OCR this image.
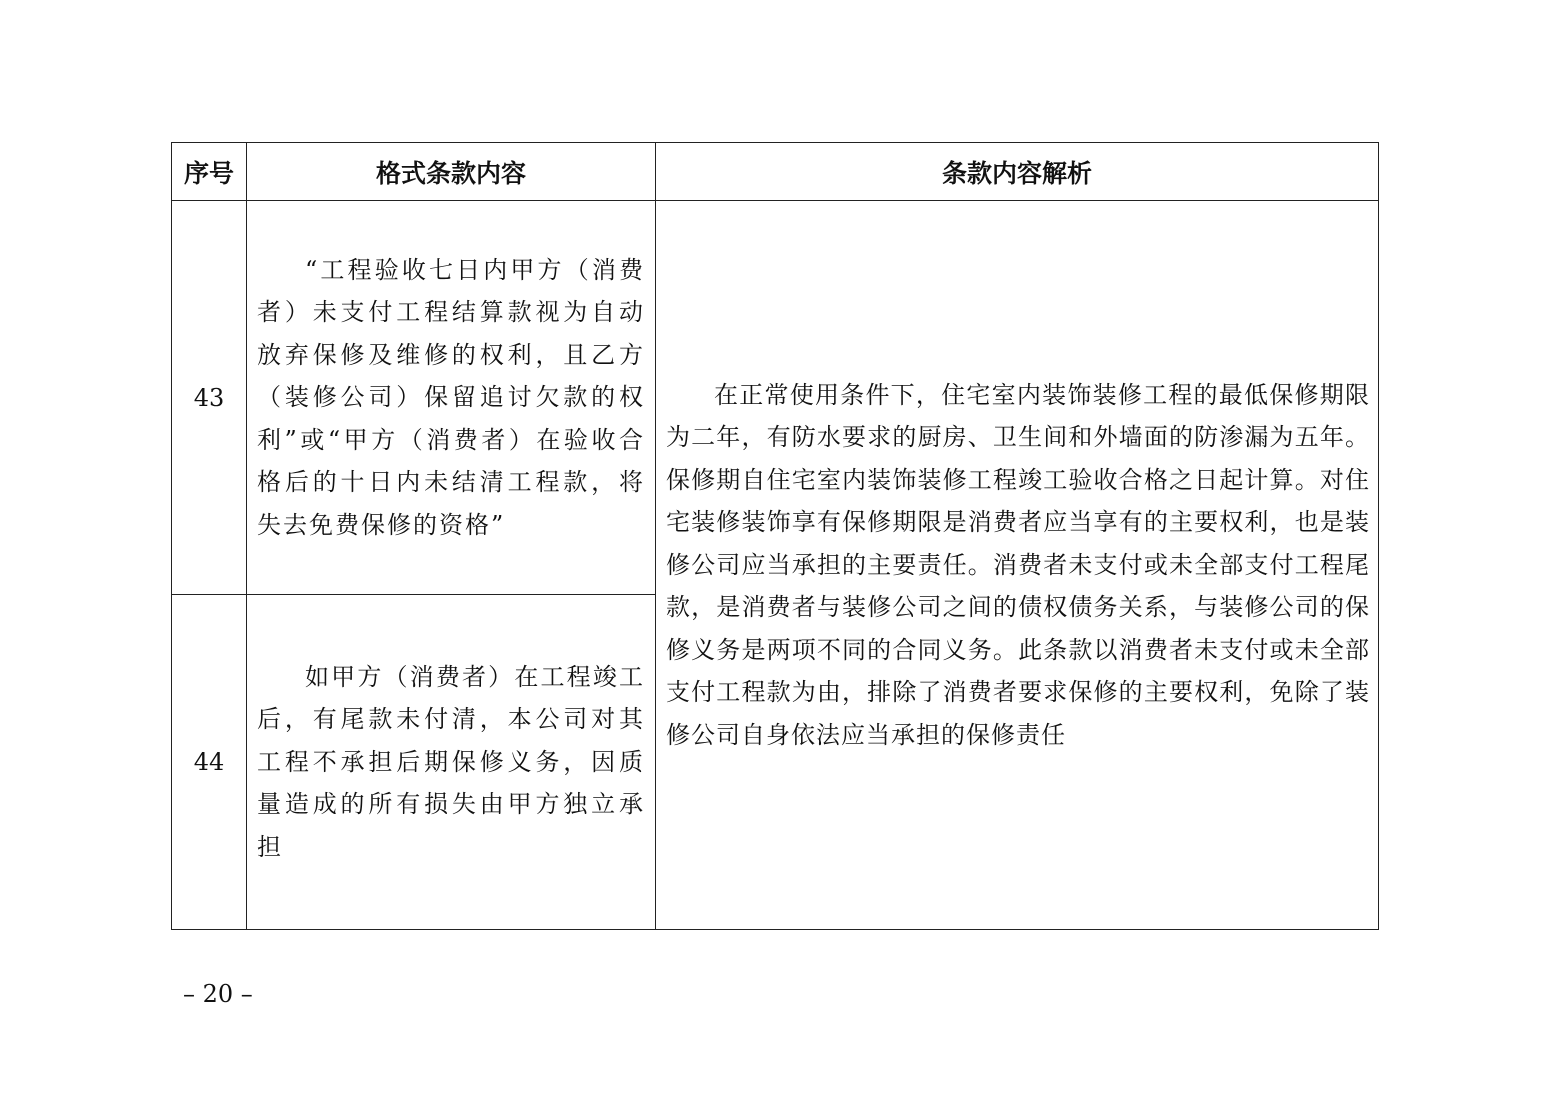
序号	格式条款内容	条款内容解析
43	“工程验收七日内甲方（消费者）未支付工程结算款视为自动放弃保修及维修的权利，且乙方（装修公司）保留追讨欠款的权利”或“甲方（消费者）在验收合格后的十日内未结清工程款，将失去免费保修的资格”	在正常使用条件下，住宅室内装饰装修工程的最低保修期限为二年，有防水要求的厨房、卫生间和外墙面的防渗漏为五年。保修期自住宅室内装饰装修工程竣工验收合格之日起计算。对住宅装修装饰享有保修期限是消费者应当享有的主要权利，也是装修公司应当承担的主要责任。消费者未支付或未全部支付工程尾款，是消费者与装修公司之间的债权债务关系，与装修公司的保修义务是两项不同的合同义务。此条款以消费者未支付或未全部支付工程款为由，排除了消费者要求保修的主要权利，免除了装修公司自身依法应当承担的保修责任

44	如甲方（消费者）在工程竣工后，有尾款未付清，本公司对其工程不承担后期保修义务，因质量造成的所有损失由甲方独立承担	
– 20 –
